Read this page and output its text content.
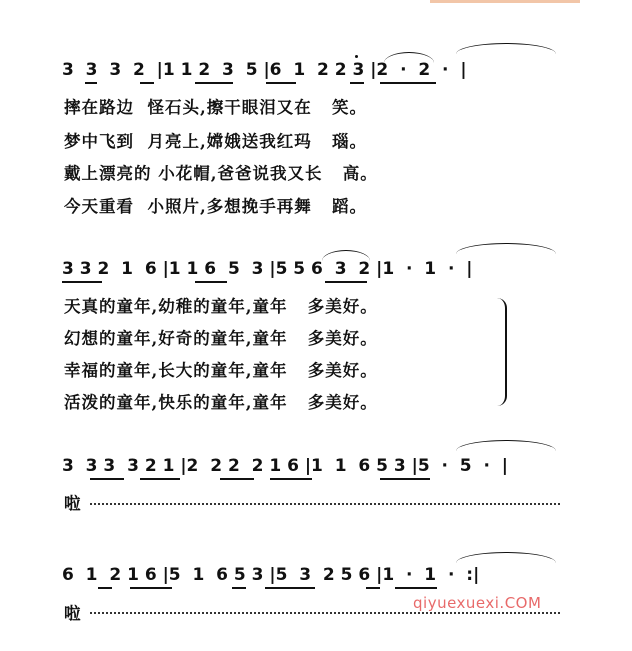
3  3  3  2  |1 1 2  3  5 |6  1  2 2 3 |2  ·  2  ·  |
摔在路边  怪石头,擦干眼泪又在   笑。
梦中飞到  月亮上,嫦娥送我红玛   瑙。
戴上漂亮的 小花帽,爸爸说我又长   高。
今天重看  小照片,多想挽手再舞   蹈。
3 3 2  1  6 |1 1 6  5  3 |5 5 6  3  2 |1  ·  1  ·  |
天真的童年,幼稚的童年,童年   多美好。
幻想的童年,好奇的童年,童年   多美好。
幸福的童年,长大的童年,童年   多美好。
活泼的童年,快乐的童年,童年   多美好。
3  3 3  3 2 1 |2  2 2  2 1 6 |1  1  6 5 3 |5  ·  5  ·  |
啦
6  1  2 1 6 |5  1  6 5 3 |5  3  2 5 6 |1  ·  1  ·  :|
啦
qiyuexuexi.COM
